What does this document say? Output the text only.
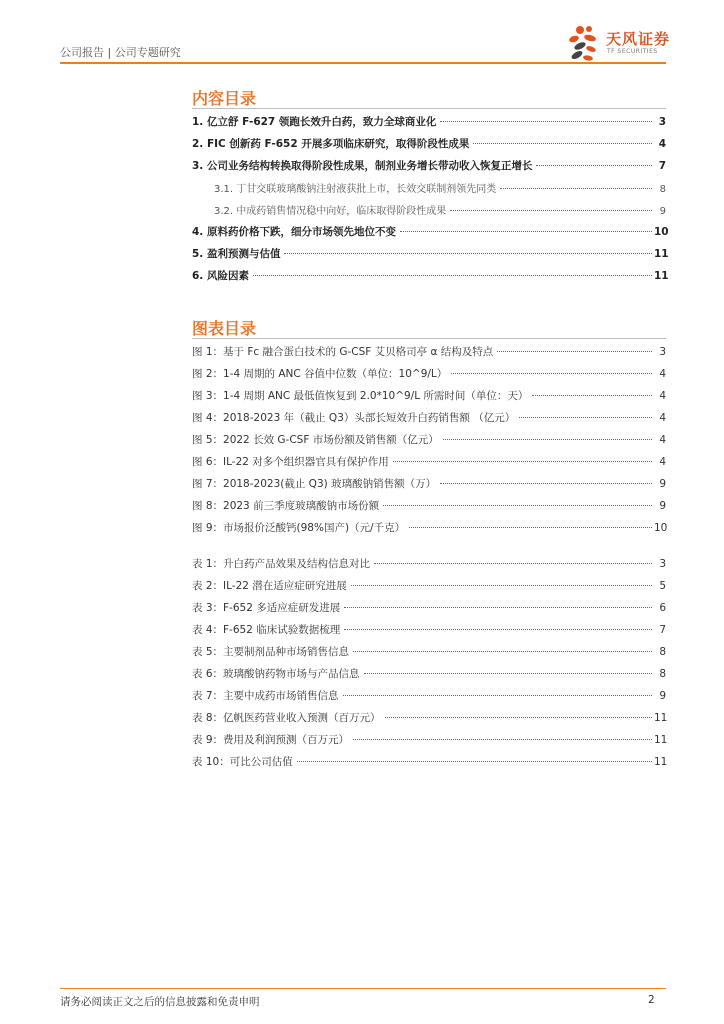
公司报告 | 公司专题研究
天风证券
TF SECURITIES
内容目录
1. 亿立舒 F-627 领跑长效升白药，致力全球商业化	3
2. FIC 创新药 F-652 开展多项临床研究，取得阶段性成果	4
3. 公司业务结构转换取得阶段性成果，制剂业务增长带动收入恢复正增长	7
3.1. 丁甘交联玻璃酸钠注射液获批上市，长效交联制剂领先同类	8
3.2. 中成药销售情况稳中向好，临床取得阶段性成果	9
4. 原料药价格下跌，细分市场领先地位不变	10
5. 盈利预测与估值	11
6. 风险因素	11
图表目录
图 1：基于 Fc 融合蛋白技术的 G-CSF 艾贝格司亭 α 结构及特点	3
图 2：1-4 周期的 ANC 谷值中位数（单位：10^9/L）	4
图 3：1-4 周期 ANC 最低值恢复到 2.0*10^9/L 所需时间（单位：天）	4
图 4：2018-2023 年（截止 Q3）头部长短效升白药销售额 （亿元）	4
图 5：2022 长效 G-CSF 市场份额及销售额（亿元）	4
图 6：IL-22 对多个组织器官具有保护作用	4
图 7：2018-2023(截止 Q3) 玻璃酸钠销售额（万）	9
图 8：2023 前三季度玻璃酸钠市场份额	9
图 9：市场报价泛酸钙(98%国产)（元/千克）	10
表 1：升白药产品效果及结构信息对比	3
表 2：IL-22 潜在适应症研究进展	5
表 3：F-652 多适应症研发进展	6
表 4：F-652 临床试验数据梳理	7
表 5：主要制剂品种市场销售信息	8
表 6：玻璃酸钠药物市场与产品信息	8
表 7：主要中成药市场销售信息	9
表 8：亿帆医药营业收入预测（百万元）	11
表 9：费用及利润预测（百万元）	11
表 10：可比公司估值	11
请务必阅读正文之后的信息披露和免责申明	2
